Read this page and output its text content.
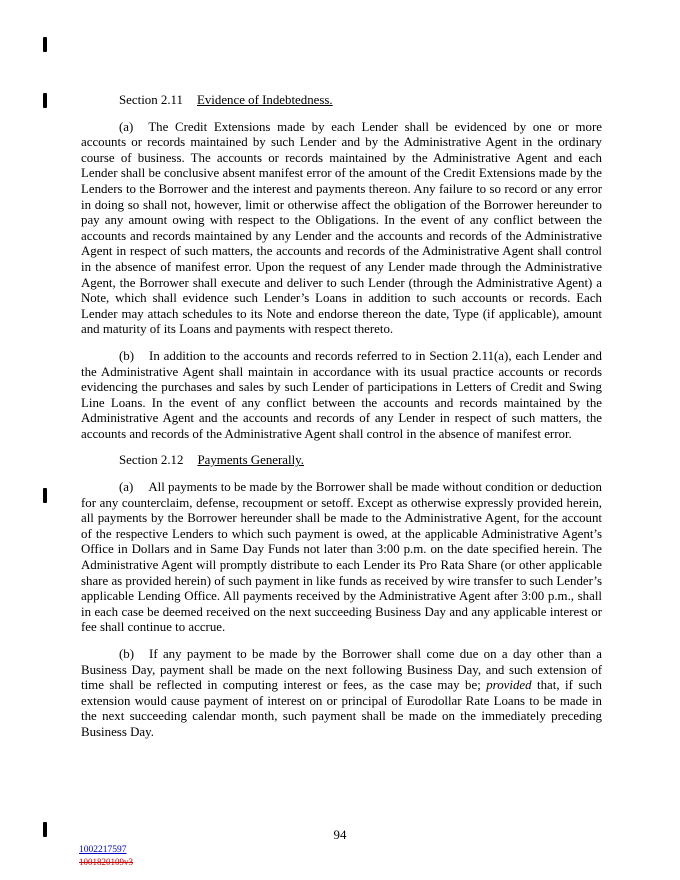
Section 2.11 Evidence of Indebtedness.

(a) The Credit Extensions made by each Lender shall be evidenced by one or more accounts or records maintained by such Lender and by the Administrative Agent in the ordinary course of business. The accounts or records maintained by the Administrative Agent and each Lender shall be conclusive absent manifest error of the amount of the Credit Extensions made by the Lenders to the Borrower and the interest and payments thereon. Any failure to so record or any error in doing so shall not, however, limit or otherwise affect the obligation of the Borrower hereunder to pay any amount owing with respect to the Obligations. In the event of any conflict between the accounts and records maintained by any Lender and the accounts and records of the Administrative Agent in respect of such matters, the accounts and records of the Administrative Agent shall control in the absence of manifest error. Upon the request of any Lender made through the Administrative Agent, the Borrower shall execute and deliver to such Lender (through the Administrative Agent) a Note, which shall evidence such Lender’s Loans in addition to such accounts or records. Each Lender may attach schedules to its Note and endorse thereon the date, Type (if applicable), amount and maturity of its Loans and payments with respect thereto.

(b) In addition to the accounts and records referred to in Section 2.11(a), each Lender and the Administrative Agent shall maintain in accordance with its usual practice accounts or records evidencing the purchases and sales by such Lender of participations in Letters of Credit and Swing Line Loans. In the event of any conflict between the accounts and records maintained by the Administrative Agent and the accounts and records of any Lender in respect of such matters, the accounts and records of the Administrative Agent shall control in the absence of manifest error.

Section 2.12 Payments Generally.

(a) All payments to be made by the Borrower shall be made without condition or deduction for any counterclaim, defense, recoupment or setoff. Except as otherwise expressly provided herein, all payments by the Borrower hereunder shall be made to the Administrative Agent, for the account of the respective Lenders to which such payment is owed, at the applicable Administrative Agent’s Office in Dollars and in Same Day Funds not later than 3:00 p.m. on the date specified herein. The Administrative Agent will promptly distribute to each Lender its Pro Rata Share (or other applicable share as provided herein) of such payment in like funds as received by wire transfer to such Lender’s applicable Lending Office. All payments received by the Administrative Agent after 3:00 p.m., shall in each case be deemed received on the next succeeding Business Day and any applicable interest or fee shall continue to accrue.

(b) If any payment to be made by the Borrower shall come due on a day other than a Business Day, payment shall be made on the next following Business Day, and such extension of time shall be reflected in computing interest or fees, as the case may be; provided that, if such extension would cause payment of interest on or principal of Eurodollar Rate Loans to be made in the next succeeding calendar month, such payment shall be made on the immediately preceding Business Day.

94
1002217597
1001820109v3
